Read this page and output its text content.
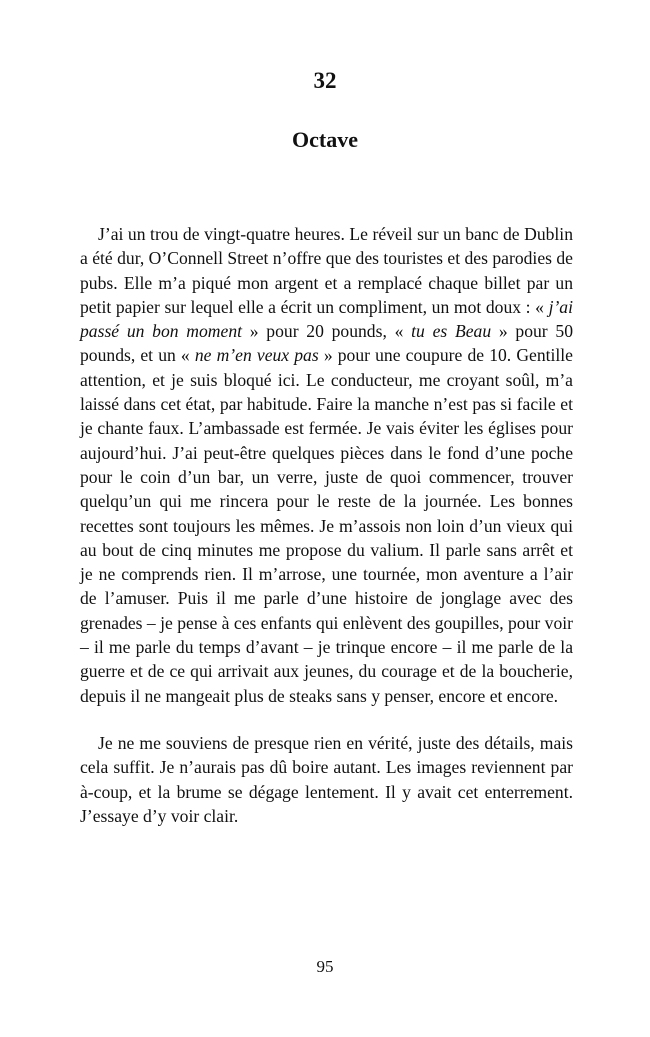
32
Octave

J’ai un trou de vingt-quatre heures. Le réveil sur un banc de Dublin a été dur, O’Connell Street n’offre que des touristes et des parodies de pubs. Elle m’a piqué mon argent et a remplacé chaque billet par un petit papier sur lequel elle a écrit un compliment, un mot doux : « j’ai passé un bon moment » pour 20 pounds, « tu es Beau » pour 50 pounds, et un « ne m’en veux pas » pour une coupure de 10. Gentille attention, et je suis bloqué ici. Le conducteur, me croyant soûl, m’a laissé dans cet état, par habitude. Faire la manche n’est pas si facile et je chante faux. L’ambassade est fermée. Je vais éviter les églises pour aujourd’hui. J’ai peut-être quelques pièces dans le fond d’une poche pour le coin d’un bar, un verre, juste de quoi commencer, trouver quelqu’un qui me rincera pour le reste de la journée. Les bonnes recettes sont toujours les mêmes. Je m’assois non loin d’un vieux qui au bout de cinq minutes me propose du valium. Il parle sans arrêt et je ne comprends rien. Il m’arrose, une tournée, mon aventure a l’air de l’amuser. Puis il me parle d’une histoire de jonglage avec des grenades – je pense à ces enfants qui enlèvent des goupilles, pour voir – il me parle du temps d’avant – je trinque encore – il me parle de la guerre et de ce qui arrivait aux jeunes, du courage et de la boucherie, depuis il ne mangeait plus de steaks sans y penser, encore et encore.

Je ne me souviens de presque rien en vérité, juste des détails, mais cela suffit. Je n’aurais pas dû boire autant. Les images reviennent par à-coup, et la brume se dégage lentement. Il y avait cet enterrement. J’essaye d’y voir clair.

95
